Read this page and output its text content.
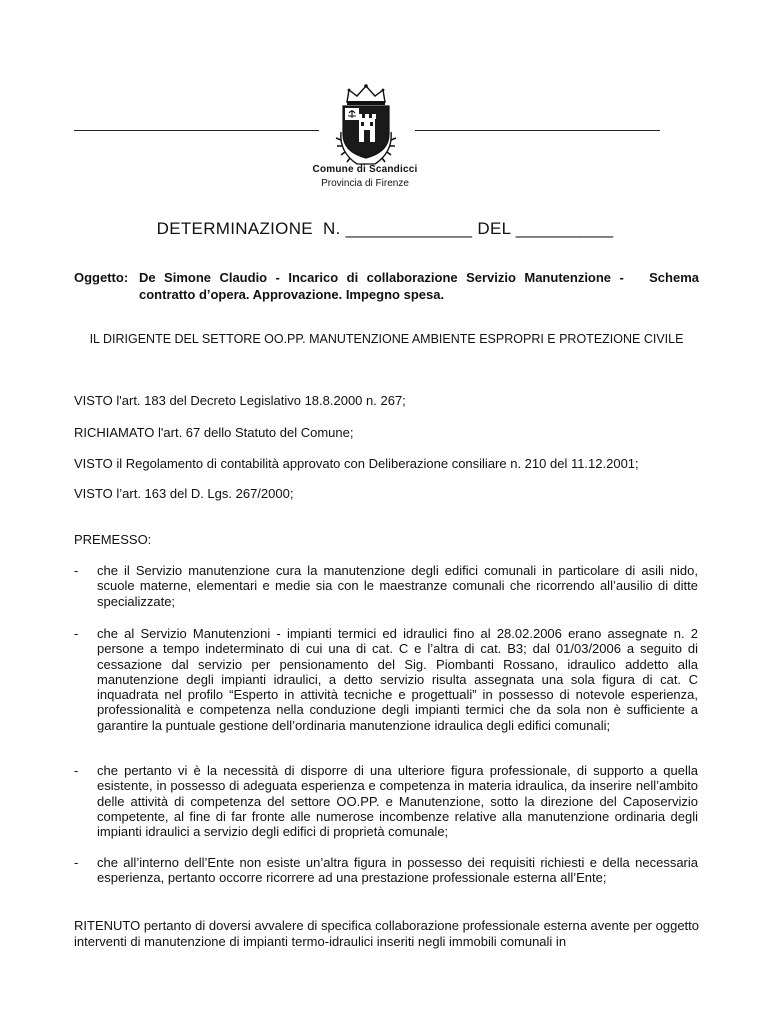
Comune di Scandicci
Provincia di Firenze
DETERMINAZIONE  N. _____________ DEL __________
Oggetto: De Simone Claudio - Incarico di collaborazione Servizio Manutenzione -   Schema contratto d’opera. Approvazione. Impegno spesa.
IL DIRIGENTE DEL SETTORE OO.PP. MANUTENZIONE AMBIENTE ESPROPRI E PROTEZIONE CIVILE
VISTO l'art. 183 del Decreto Legislativo 18.8.2000 n. 267;
RICHIAMATO l'art. 67 dello Statuto del Comune;
VISTO il Regolamento di contabilità approvato con Deliberazione consiliare n. 210 del 11.12.2001;
VISTO l’art. 163 del D. Lgs. 267/2000;
PREMESSO:
- che il Servizio manutenzione cura la manutenzione degli edifici comunali in particolare di asili nido, scuole materne, elementari e medie sia con le maestranze comunali che ricorrendo all’ausilio di ditte specializzate;
- che al Servizio Manutenzioni - impianti termici ed idraulici fino al 28.02.2006 erano assegnate n. 2 persone a tempo indeterminato di cui una di cat. C e l’altra di cat. B3; dal 01/03/2006 a seguito di cessazione dal servizio per pensionamento del Sig. Piombanti Rossano, idraulico addetto alla manutenzione degli impianti idraulici, a detto servizio risulta assegnata una sola figura di cat. C inquadrata nel profilo “Esperto in attività tecniche e progettuali” in possesso di notevole esperienza, professionalità e competenza nella conduzione degli impianti termici che da sola non è sufficiente a garantire la puntuale gestione dell’ordinaria manutenzione idraulica degli edifici comunali;
- che pertanto vi è la necessità di disporre di una ulteriore figura professionale, di supporto a quella esistente, in possesso di adeguata esperienza e competenza in materia idraulica, da inserire nell’ambito delle attività di competenza del settore OO.PP. e Manutenzione, sotto la direzione del Caposervizio competente, al fine di far fronte alle numerose incombenze relative alla manutenzione ordinaria degli impianti idraulici a servizio degli edifici di proprietà comunale;
- che all’interno dell’Ente non esiste un’altra figura in possesso dei requisiti richiesti e della necessaria esperienza, pertanto occorre ricorrere ad una prestazione professionale esterna all’Ente;
RITENUTO pertanto di doversi avvalere di specifica collaborazione professionale esterna avente per oggetto interventi di manutenzione di impianti termo-idraulici inseriti negli immobili comunali in
